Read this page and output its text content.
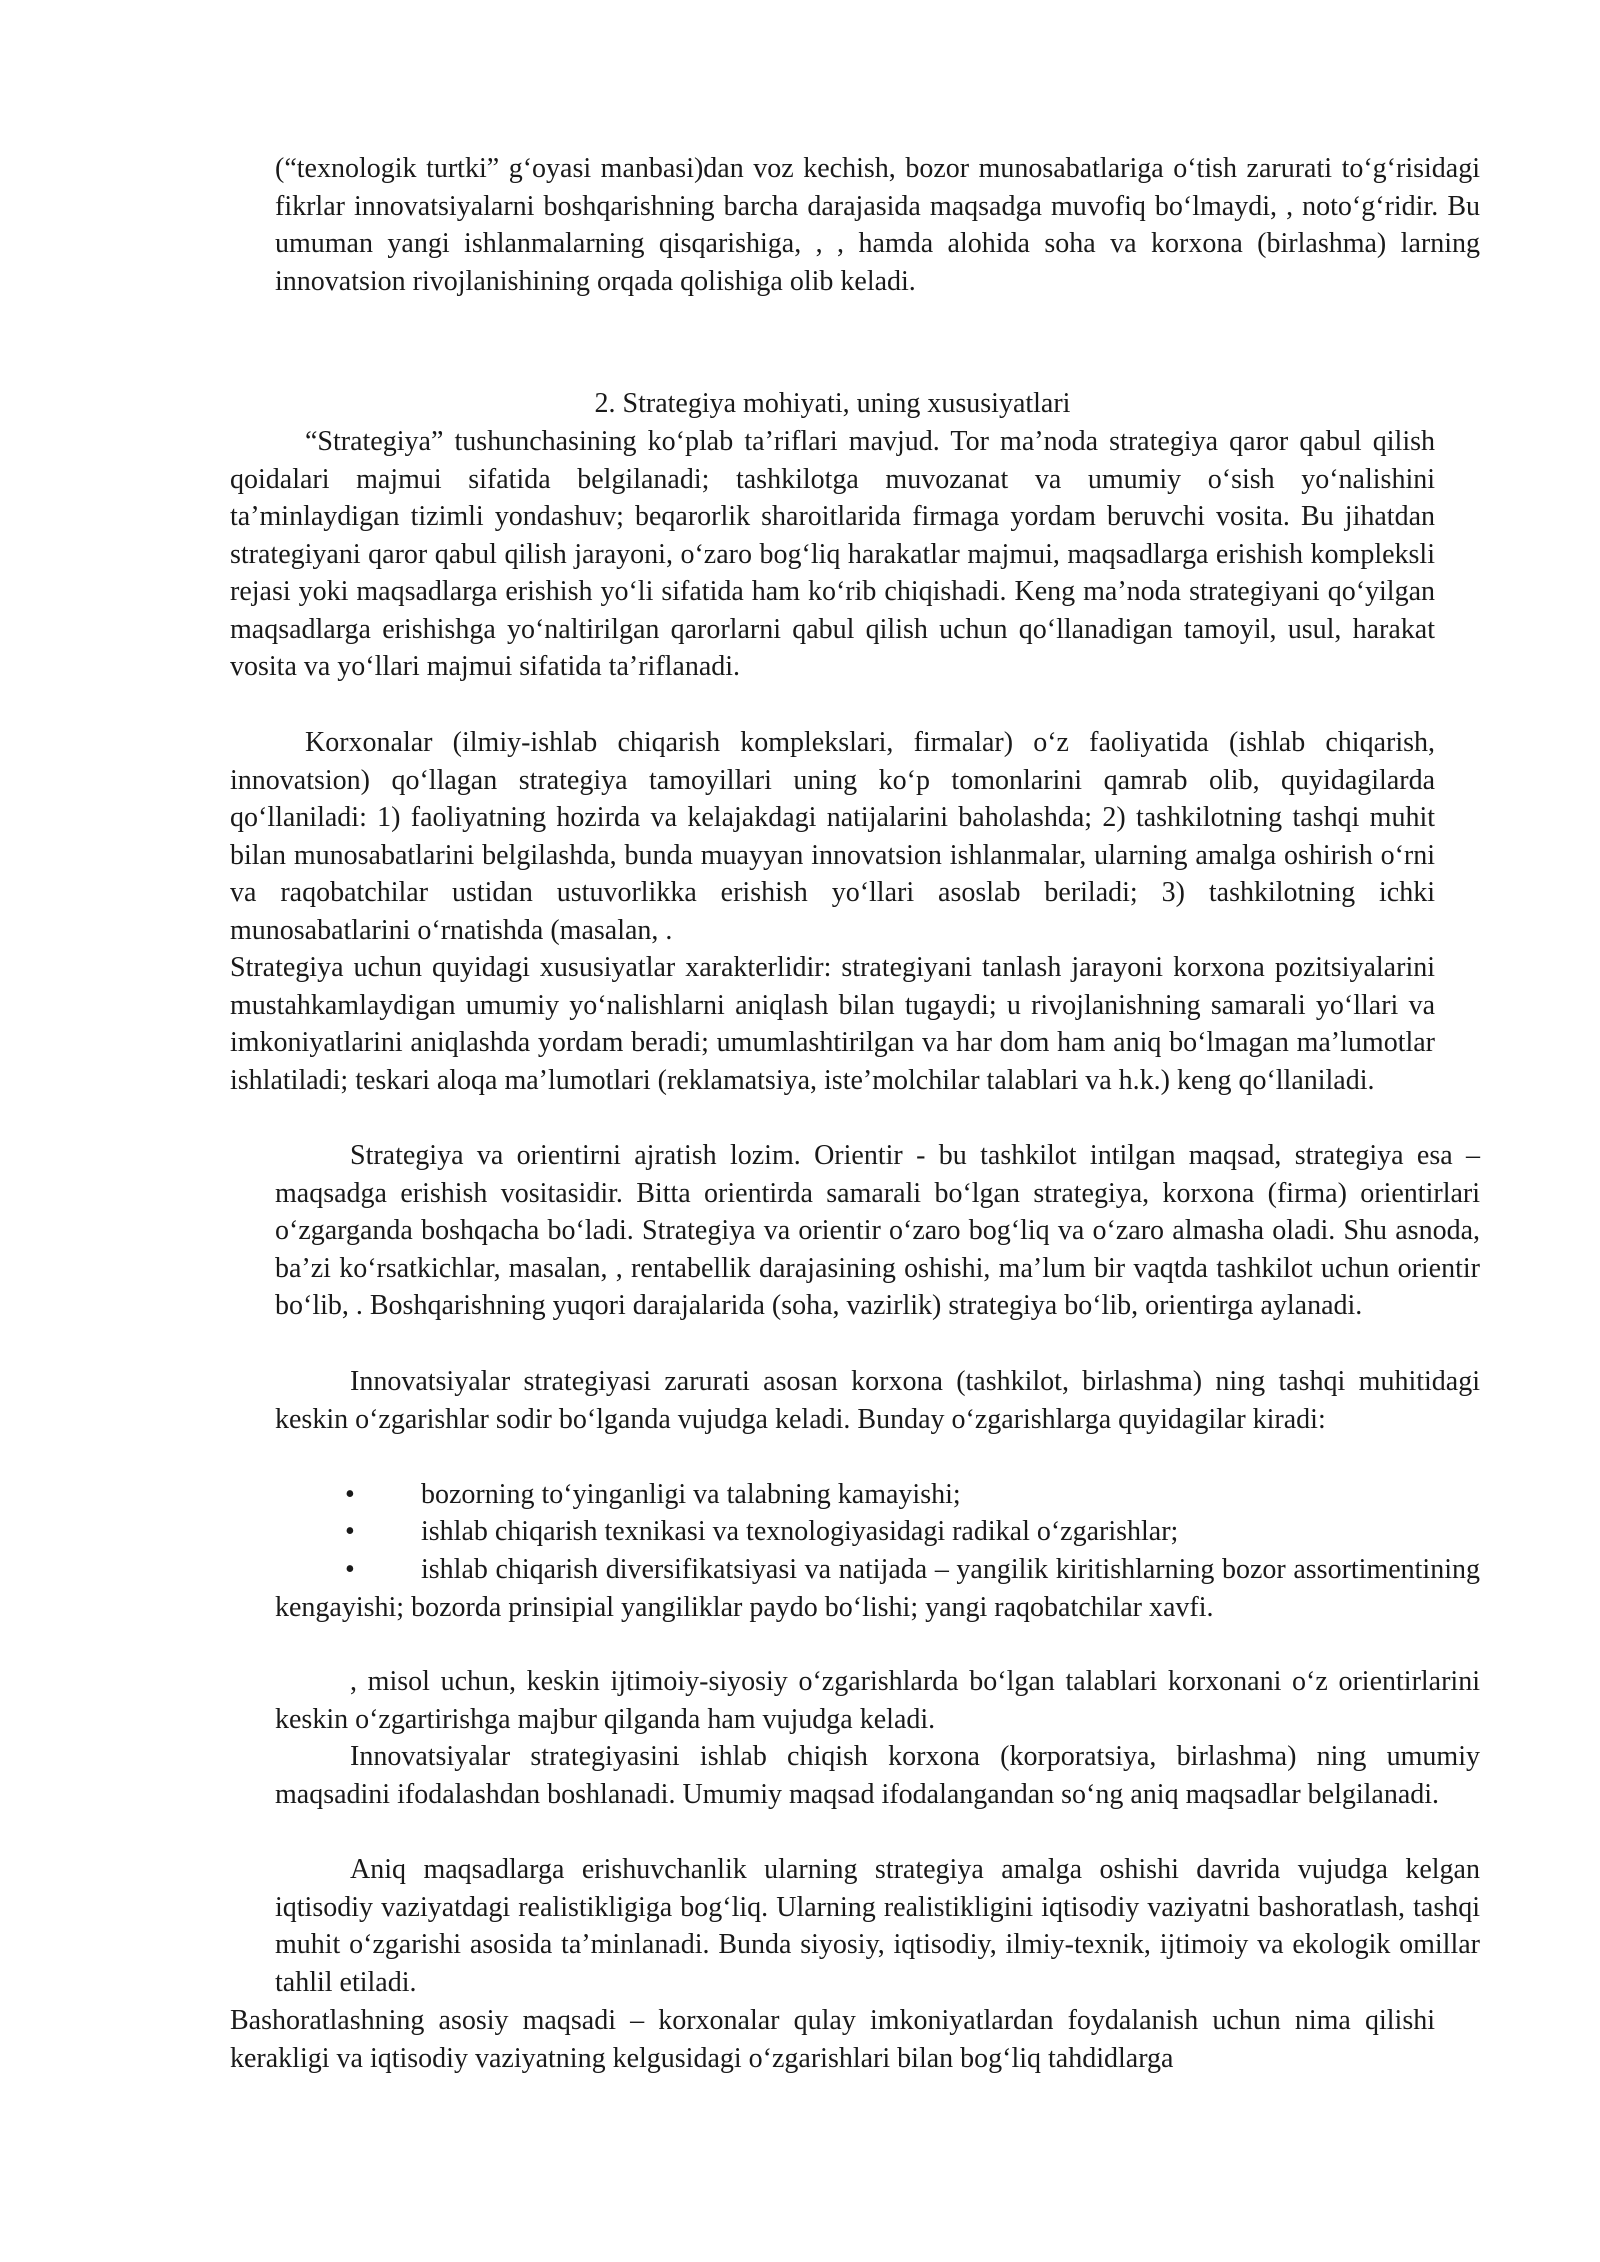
(“texnologik turtki” g‘oyasi manbasi)dan voz kechish, bozor munosabatlariga o‘tish zarurati to‘g‘risidagi fikrlar innovatsiyalarni boshqarishning barcha darajasida maqsadga muvofiq bo‘lmaydi, , noto‘g‘ridir. Bu umuman yangi ishlanmalarning qisqarishiga, , , hamda alohida soha va korxona (birlashma) larning innovatsion rivojlanishining orqada qolishiga olib keladi.

2. Strategiya mohiyati, uning xususiyatlari

“Strategiya” tushunchasining ko‘plab ta’riflari mavjud. Tor ma’noda strategiya qaror qabul qilish qoidalari majmui sifatida belgilanadi; tashkilotga muvozanat va umumiy o‘sish yo‘nalishini ta’minlaydigan tizimli yondashuv; beqarorlik sharoitlarida firmaga yordam beruvchi vosita. Bu jihatdan strategiyani qaror qabul qilish jarayoni, o‘zaro bog‘liq harakatlar majmui, maqsadlarga erishish kompleksli rejasi yoki maqsadlarga erishish yo‘li sifatida ham ko‘rib chiqishadi. Keng ma’noda strategiyani qo‘yilgan maqsadlarga erishishga yo‘naltirilgan qarorlarni qabul qilish uchun qo‘llanadigan tamoyil, usul, harakat vosita va yo‘llari majmui sifatida ta’riflanadi.

Korxonalar (ilmiy-ishlab chiqarish komplekslari, firmalar) o‘z faoliyatida (ishlab chiqarish, innovatsion) qo‘llagan strategiya tamoyillari uning ko‘p tomonlarini qamrab olib, quyidagilarda qo‘llaniladi: 1) faoliyatning hozirda va kelajakdagi natijalarini baholashda; 2) tashkilotning tashqi muhit bilan munosabatlarini belgilashda, bunda muayyan innovatsion ishlanmalar, ularning amalga oshirish o‘rni va raqobatchilar ustidan ustuvorlikka erishish yo‘llari asoslab beriladi; 3) tashkilotning ichki munosabatlarini o‘rnatishda (masalan, .

Strategiya uchun quyidagi xususiyatlar xarakterlidir: strategiyani tanlash jarayoni korxona pozitsiyalarini mustahkamlaydigan umumiy yo‘nalishlarni aniqlash bilan tugaydi; u rivojlanishning samarali yo‘llari va imkoniyatlarini aniqlashda yordam beradi; umumlashtirilgan va har dom ham aniq bo‘lmagan ma’lumotlar ishlatiladi; teskari aloqa ma’lumotlari (reklamatsiya, iste’molchilar talablari va h.k.) keng qo‘llaniladi.

Strategiya va orientirni ajratish lozim. Orientir - bu tashkilot intilgan maqsad, strategiya esa – maqsadga erishish vositasidir. Bitta orientirda samarali bo‘lgan strategiya, korxona (firma) orientirlari o‘zgarganda boshqacha bo‘ladi. Strategiya va orientir o‘zaro bog‘liq va o‘zaro almasha oladi. Shu asnoda, ba’zi ko‘rsatkichlar, masalan, , rentabellik darajasining oshishi, ma’lum bir vaqtda tashkilot uchun orientir bo‘lib, . Boshqarishning yuqori darajalarida (soha, vazirlik) strategiya bo‘lib, orientirga aylanadi.

Innovatsiyalar strategiyasi zarurati asosan korxona (tashkilot, birlashma) ning tashqi muhitidagi keskin o‘zgarishlar sodir bo‘lganda vujudga keladi. Bunday o‘zgarishlarga quyidagilar kiradi:

• bozorning to‘yinganligi va talabning kamayishi;
• ishlab chiqarish texnikasi va texnologiyasidagi radikal o‘zgarishlar;
• ishlab chiqarish diversifikatsiyasi va natijada – yangilik kiritishlarning bozor assortimentining kengayishi; bozorda prinsipial yangiliklar paydo bo‘lishi; yangi raqobatchilar xavfi.

, misol uchun, keskin ijtimoiy-siyosiy o‘zgarishlarda bo‘lgan talablari korxonani o‘z orientirlarini keskin o‘zgartirishga majbur qilganda ham vujudga keladi.

Innovatsiyalar strategiyasini ishlab chiqish korxona (korporatsiya, birlashma) ning umumiy maqsadini ifodalashdan boshlanadi. Umumiy maqsad ifodalangandan so‘ng aniq maqsadlar belgilanadi.

Aniq maqsadlarga erishuvchanlik ularning strategiya amalga oshishi davrida vujudga kelgan iqtisodiy vaziyatdagi realistikligiga bog‘liq. Ularning realistikligini iqtisodiy vaziyatni bashoratlash, tashqi muhit o‘zgarishi asosida ta’minlanadi. Bunda siyosiy, iqtisodiy, ilmiy-texnik, ijtimoiy va ekologik omillar tahlil etiladi.

Bashoratlashning asosiy maqsadi – korxonalar qulay imkoniyatlardan foydalanish uchun nima qilishi kerakligi va iqtisodiy vaziyatning kelgusidagi o‘zgarishlari bilan bog‘liq tahdidlarga
